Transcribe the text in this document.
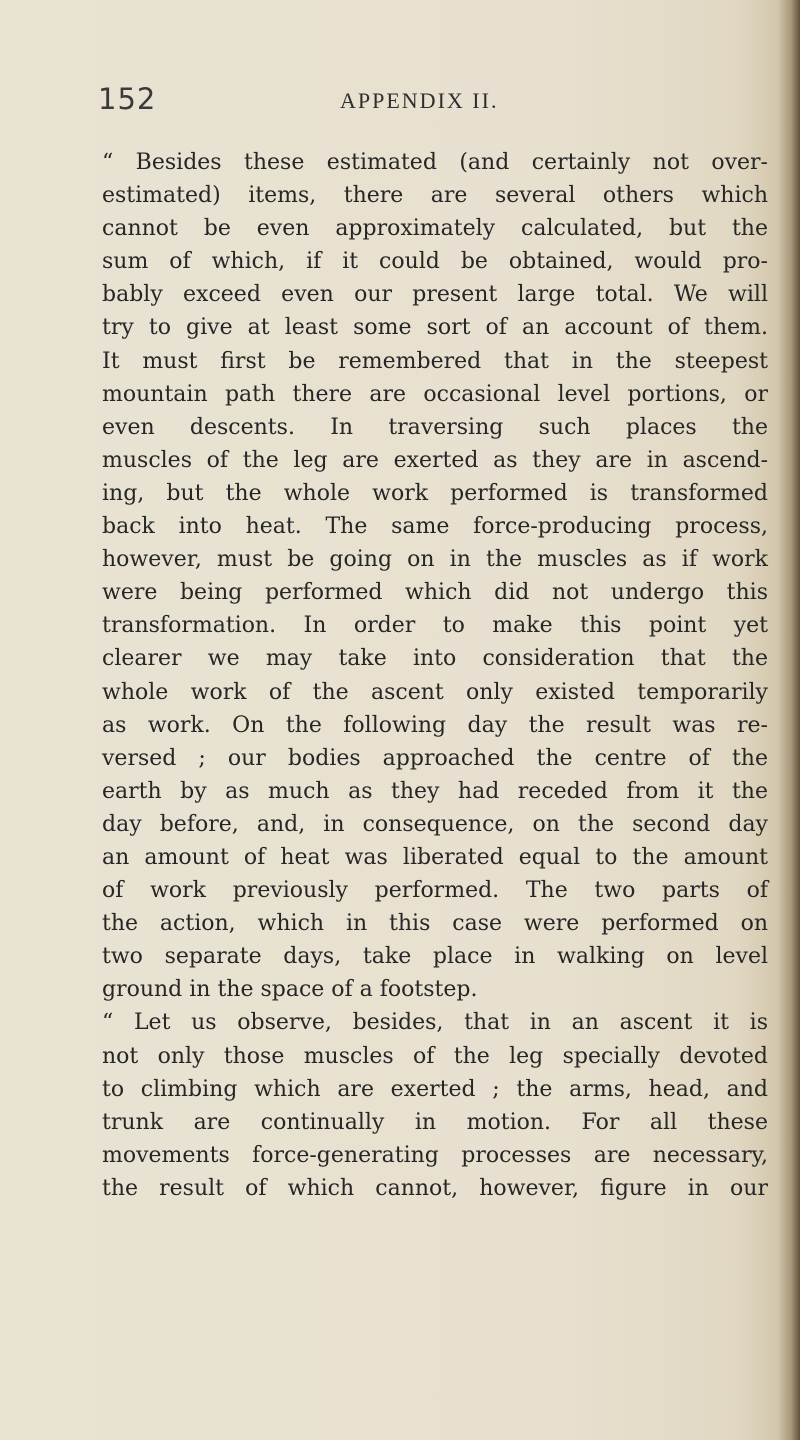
152	APPENDIX II.
“ Besides these estimated (and certainly not over-
estimated) items, there are several others which
cannot be even approximately calculated, but the
sum of which, if it could be obtained, would pro-
bably exceed even our present large total. We will
try to give at least some sort of an account of them.
It must first be remembered that in the steepest
mountain path there are occasional level portions, or
even descents. In traversing such places the
muscles of the leg are exerted as they are in ascend-
ing, but the whole work performed is transformed
back into heat. The same force-producing process,
however, must be going on in the muscles as if work
were being performed which did not undergo this
transformation. In order to make this point yet
clearer we may take into consideration that the
whole work of the ascent only existed temporarily
as work. On the following day the result was re-
versed ; our bodies approached the centre of the
earth by as much as they had receded from it the
day before, and, in consequence, on the second day
an amount of heat was liberated equal to the amount
of work previously performed. The two parts of
the action, which in this case were performed on
two separate days, take place in walking on level
ground in the space of a footstep.
“ Let us observe, besides, that in an ascent it is
not only those muscles of the leg specially devoted
to climbing which are exerted ; the arms, head, and
trunk are continually in motion. For all these
movements force-generating processes are necessary,
the result of which cannot, however, figure in our
